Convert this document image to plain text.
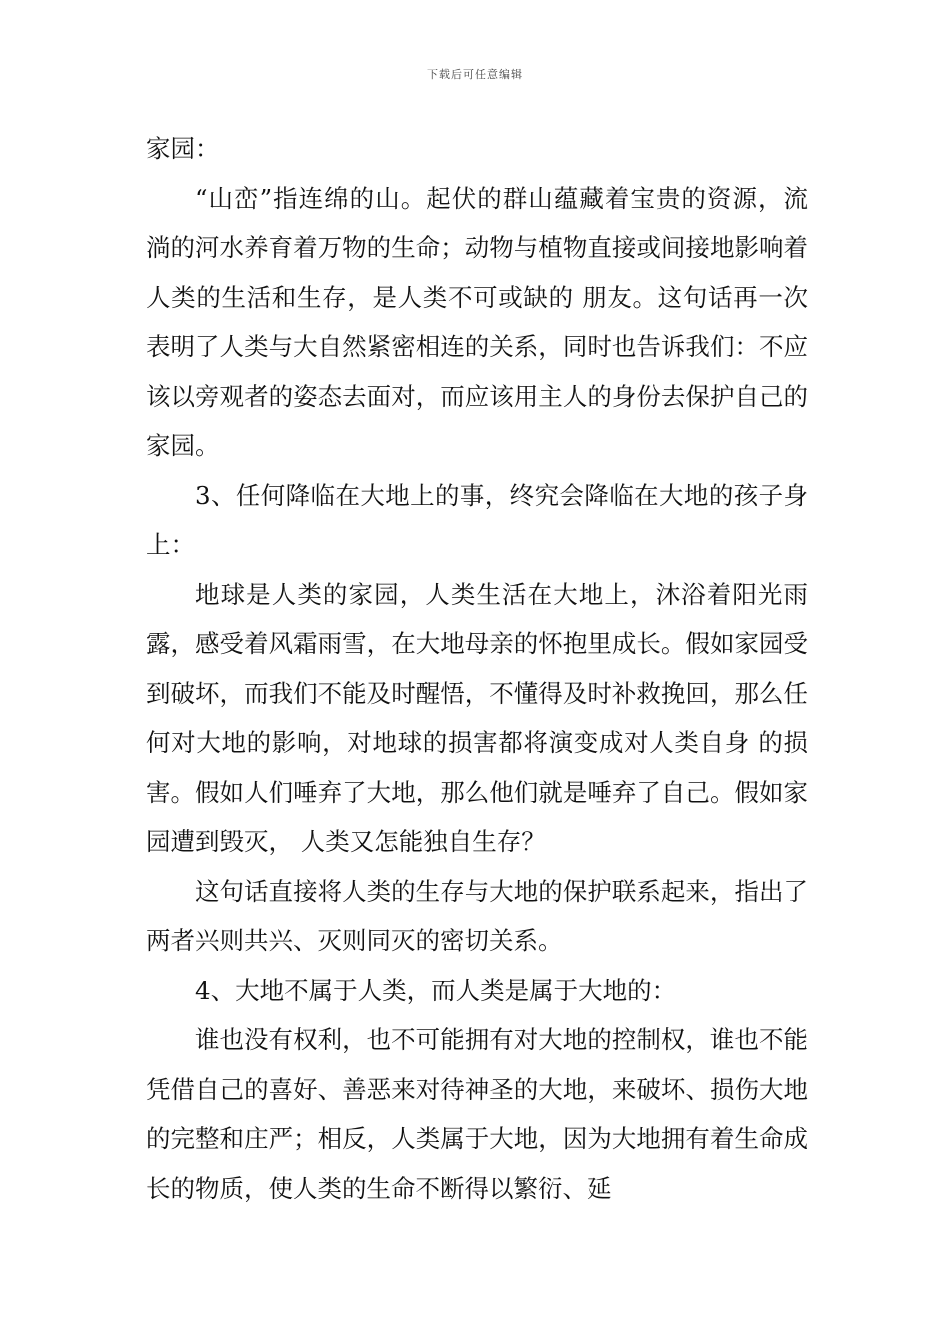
下载后可任意编辑

家园：

“山峦”指连绵的山。起伏的群山蕴藏着宝贵的资源，流淌的河水养育着万物的生命；动物与植物直接或间接地影响着人类的生活和生存，是人类不可或缺的 朋友。这句话再一次表明了人类与大自然紧密相连的关系，同时也告诉我们：不应该以旁观者的姿态去面对，而应该用主人的身份去保护自己的家园。

3、任何降临在大地上的事，终究会降临在大地的孩子身上：

地球是人类的家园，人类生活在大地上，沐浴着阳光雨露，感受着风霜雨雪，在大地母亲的怀抱里成长。假如家园受到破坏，而我们不能及时醒悟，不懂得及时补救挽回，那么任何对大地的影响，对地球的损害都将演变成对人类自身 的损害。假如人们唾弃了大地，那么他们就是唾弃了自己。假如家园遭到毁灭， 人类又怎能独自生存？

这句话直接将人类的生存与大地的保护联系起来，指出了两者兴则共兴、灭则同灭的密切关系。

4、大地不属于人类，而人类是属于大地的：

谁也没有权利，也不可能拥有对大地的控制权，谁也不能凭借自己的喜好、善恶来对待神圣的大地，来破坏、损伤大地的完整和庄严；相反，人类属于大地，因为大地拥有着生命成长的物质，使人类的生命不断得以繁衍、延
